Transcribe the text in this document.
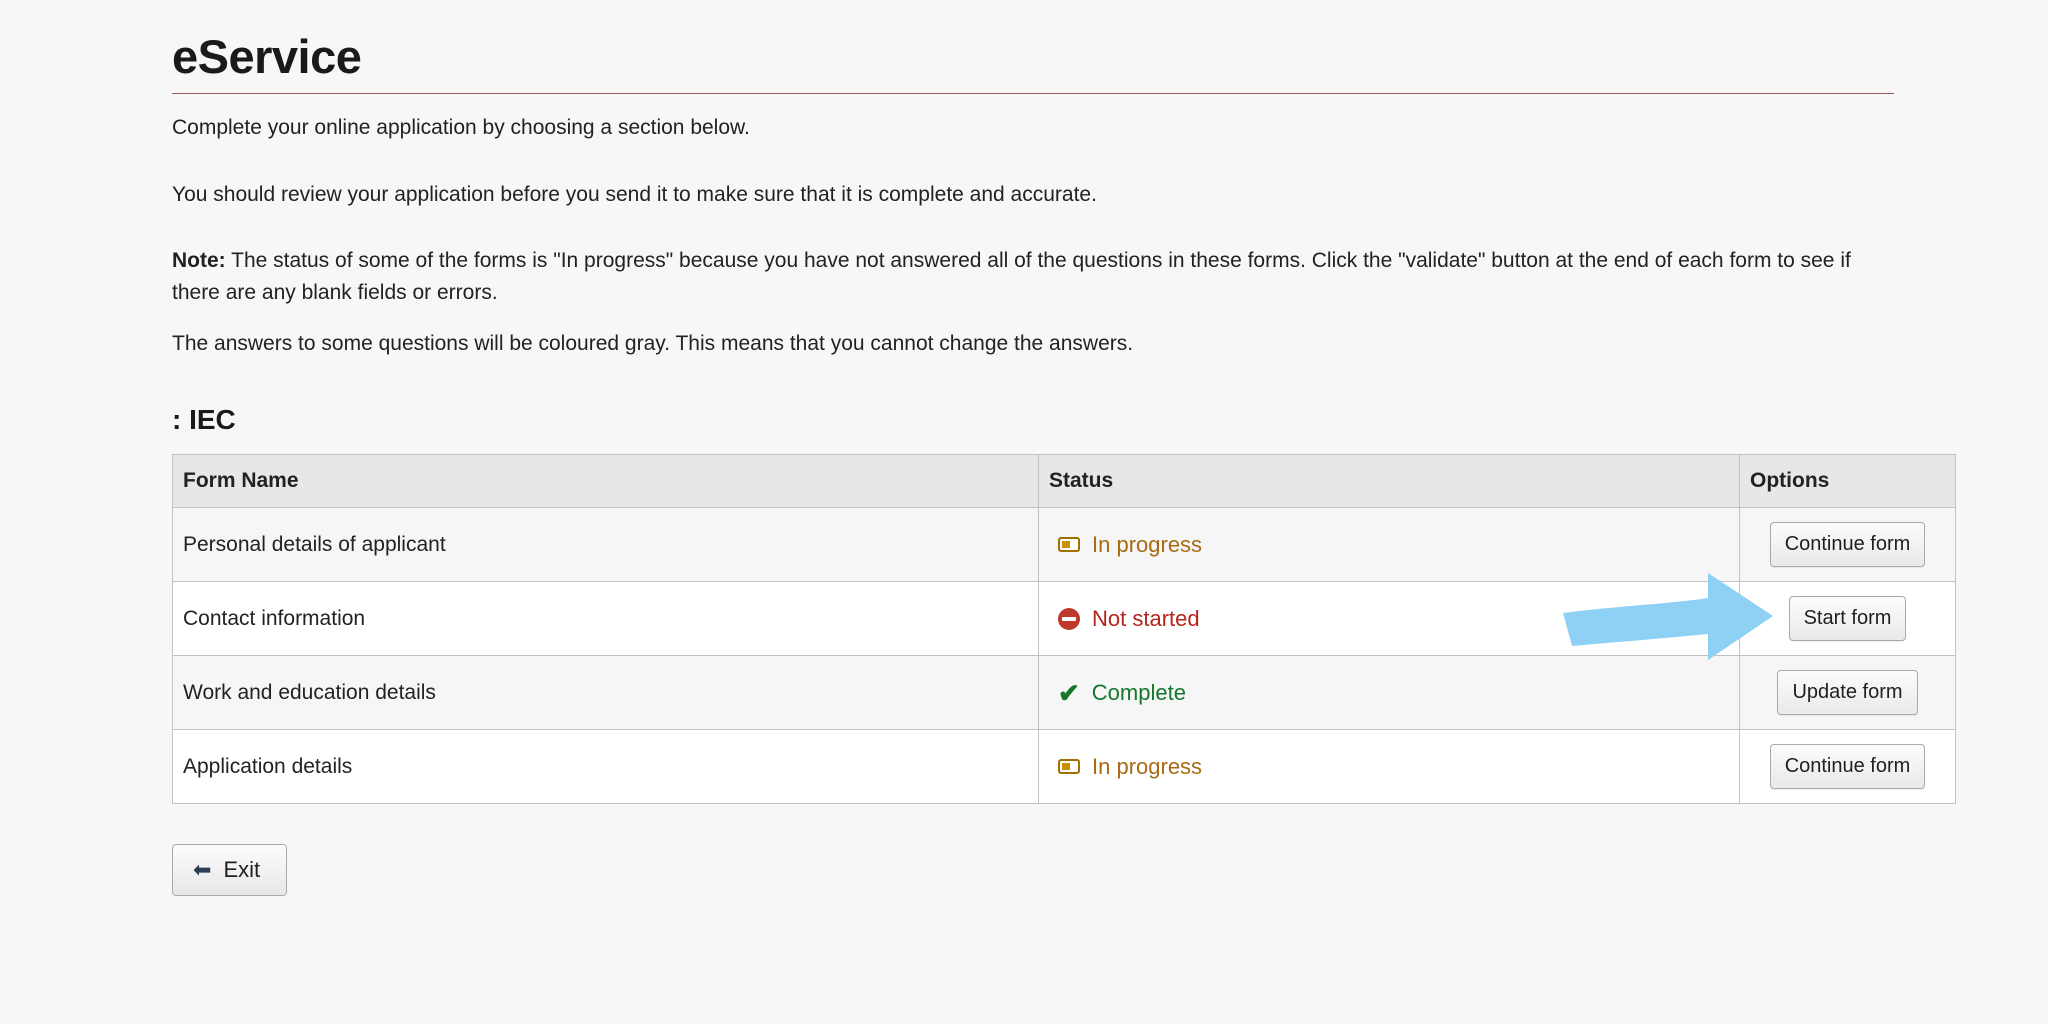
eService

Complete your online application by choosing a section below.

You should review your application before you send it to make sure that it is complete and accurate.

Note: The status of some of the forms is "In progress" because you have not answered all of the questions in these forms. Click the "validate" button at the end of each form to see if there are any blank fields or errors.

The answers to some questions will be coloured gray. This means that you cannot change the answers.

: IEC
Form Name	Status	Options
Personal details of applicant	In progress	Continue form
Contact information	Not started	Start form
Work and education details	✔ Complete	Update form
Application details	In progress	Continue form
⬅ Exit
